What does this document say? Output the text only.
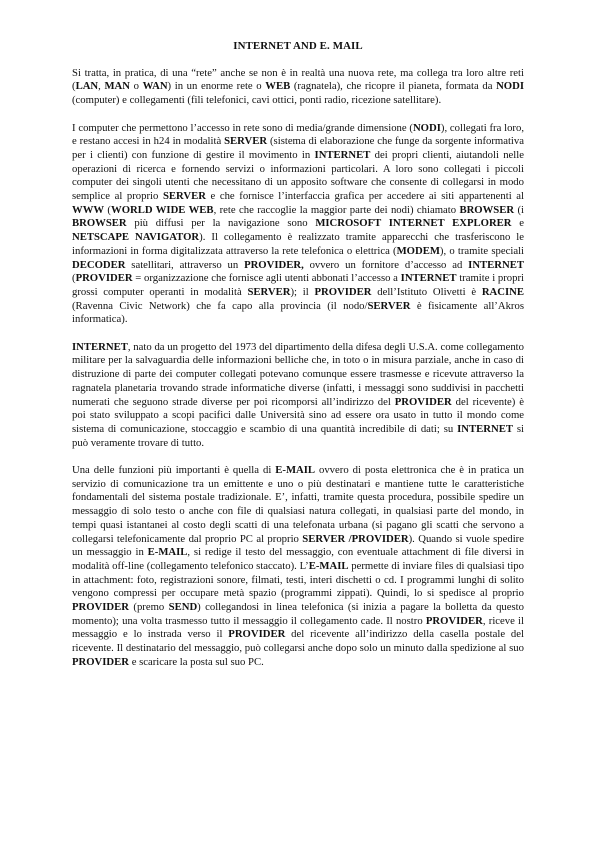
INTERNET AND E. MAIL

Si tratta, in pratica, di una “rete” anche se non è in realtà una nuova rete, ma collega tra loro altre reti (LAN, MAN o WAN) in un enorme rete o WEB (ragnatela), che ricopre il pianeta, formata da NODI (computer) e collegamenti (fili telefonici, cavi ottici, ponti radio, ricezione satellitare).

I computer che permettono l’accesso in rete sono di media/grande dimensione (NODI), collegati fra loro, e restano accesi in h24 in modalità SERVER (sistema di elaborazione che funge da sorgente informativa per i clienti) con funzione di gestire il movimento in INTERNET dei propri clienti, aiutandoli nelle operazioni di ricerca e fornendo servizi o informazioni particolari. A loro sono collegati i piccoli computer dei singoli utenti che necessitano di un apposito software che consente di collegarsi in modo semplice al proprio SERVER e che fornisce l’interfaccia grafica per accedere ai siti appartenenti al WWW (WORLD WIDE WEB, rete che raccoglie la maggior parte dei nodi) chiamato BROWSER (i BROWSER più diffusi per la navigazione sono MICROSOFT INTERNET EXPLORER e NETSCAPE NAVIGATOR). Il collegamento è realizzato tramite apparecchi che trasferiscono le informazioni in forma digitalizzata attraverso la rete telefonica o elettrica (MODEM), o tramite speciali DECODER satellitari, attraverso un PROVIDER, ovvero un fornitore d’accesso ad INTERNET (PROVIDER = organizzazione che fornisce agli utenti abbonati l’accesso a INTERNET tramite i propri grossi computer operanti in modalità SERVER); il PROVIDER dell’Istituto Olivetti è RACINE (Ravenna Civic Network) che fa capo alla provincia (il nodo/SERVER è fisicamente all’Akros informatica).

INTERNET, nato da un progetto del 1973 del dipartimento della difesa degli U.S.A. come collegamento militare per la salvaguardia delle informazioni belliche che, in toto o in misura parziale, anche in caso di distruzione di parte dei computer collegati potevano comunque essere trasmesse e ricevute attraverso la ragnatela planetaria trovando strade informatiche diverse (infatti, i messaggi sono suddivisi in pacchetti numerati che seguono strade diverse per poi ricomporsi all’indirizzo del PROVIDER del ricevente) è poi stato sviluppato a scopi pacifici dalle Università sino ad essere ora usato in tutto il mondo come sistema di comunicazione, stoccaggio e scambio di una quantità incredibile di dati; su INTERNET si può veramente trovare di tutto.

Una delle funzioni più importanti è quella di E-MAIL ovvero di posta elettronica che è in pratica un servizio di comunicazione tra un emittente e uno o più destinatari e mantiene tutte le caratteristiche fondamentali del sistema postale tradizionale. E’, infatti, tramite questa procedura, possibile spedire un messaggio di solo testo o anche con file di qualsiasi natura collegati, in qualsiasi parte del mondo, in tempi quasi istantanei al costo degli scatti di una telefonata urbana (si pagano gli scatti che servono a collegarsi telefonicamente dal proprio PC al proprio SERVER /PROVIDER). Quando si vuole spedire un messaggio in E-MAIL, si redige il testo del messaggio, con eventuale attachment di file diversi in modalità off-line (collegamento telefonico staccato). L’E-MAIL permette di inviare files di qualsiasi tipo in attachment: foto, registrazioni sonore, filmati, testi, interi dischetti o cd. I programmi lunghi di solito vengono compressi per occupare metà spazio (programmi zippati). Quindi, lo si spedisce al proprio PROVIDER (premo SEND) collegandosi in linea telefonica (si inizia a pagare la bolletta da questo momento); una volta trasmesso tutto il messaggio il collegamento cade. Il nostro PROVIDER, riceve il messaggio e lo instrada verso il PROVIDER del ricevente all’indirizzo della casella postale del ricevente. Il destinatario del messaggio, può collegarsi anche dopo solo un minuto dalla spedizione al suo PROVIDER e scaricare la posta sul suo PC.
